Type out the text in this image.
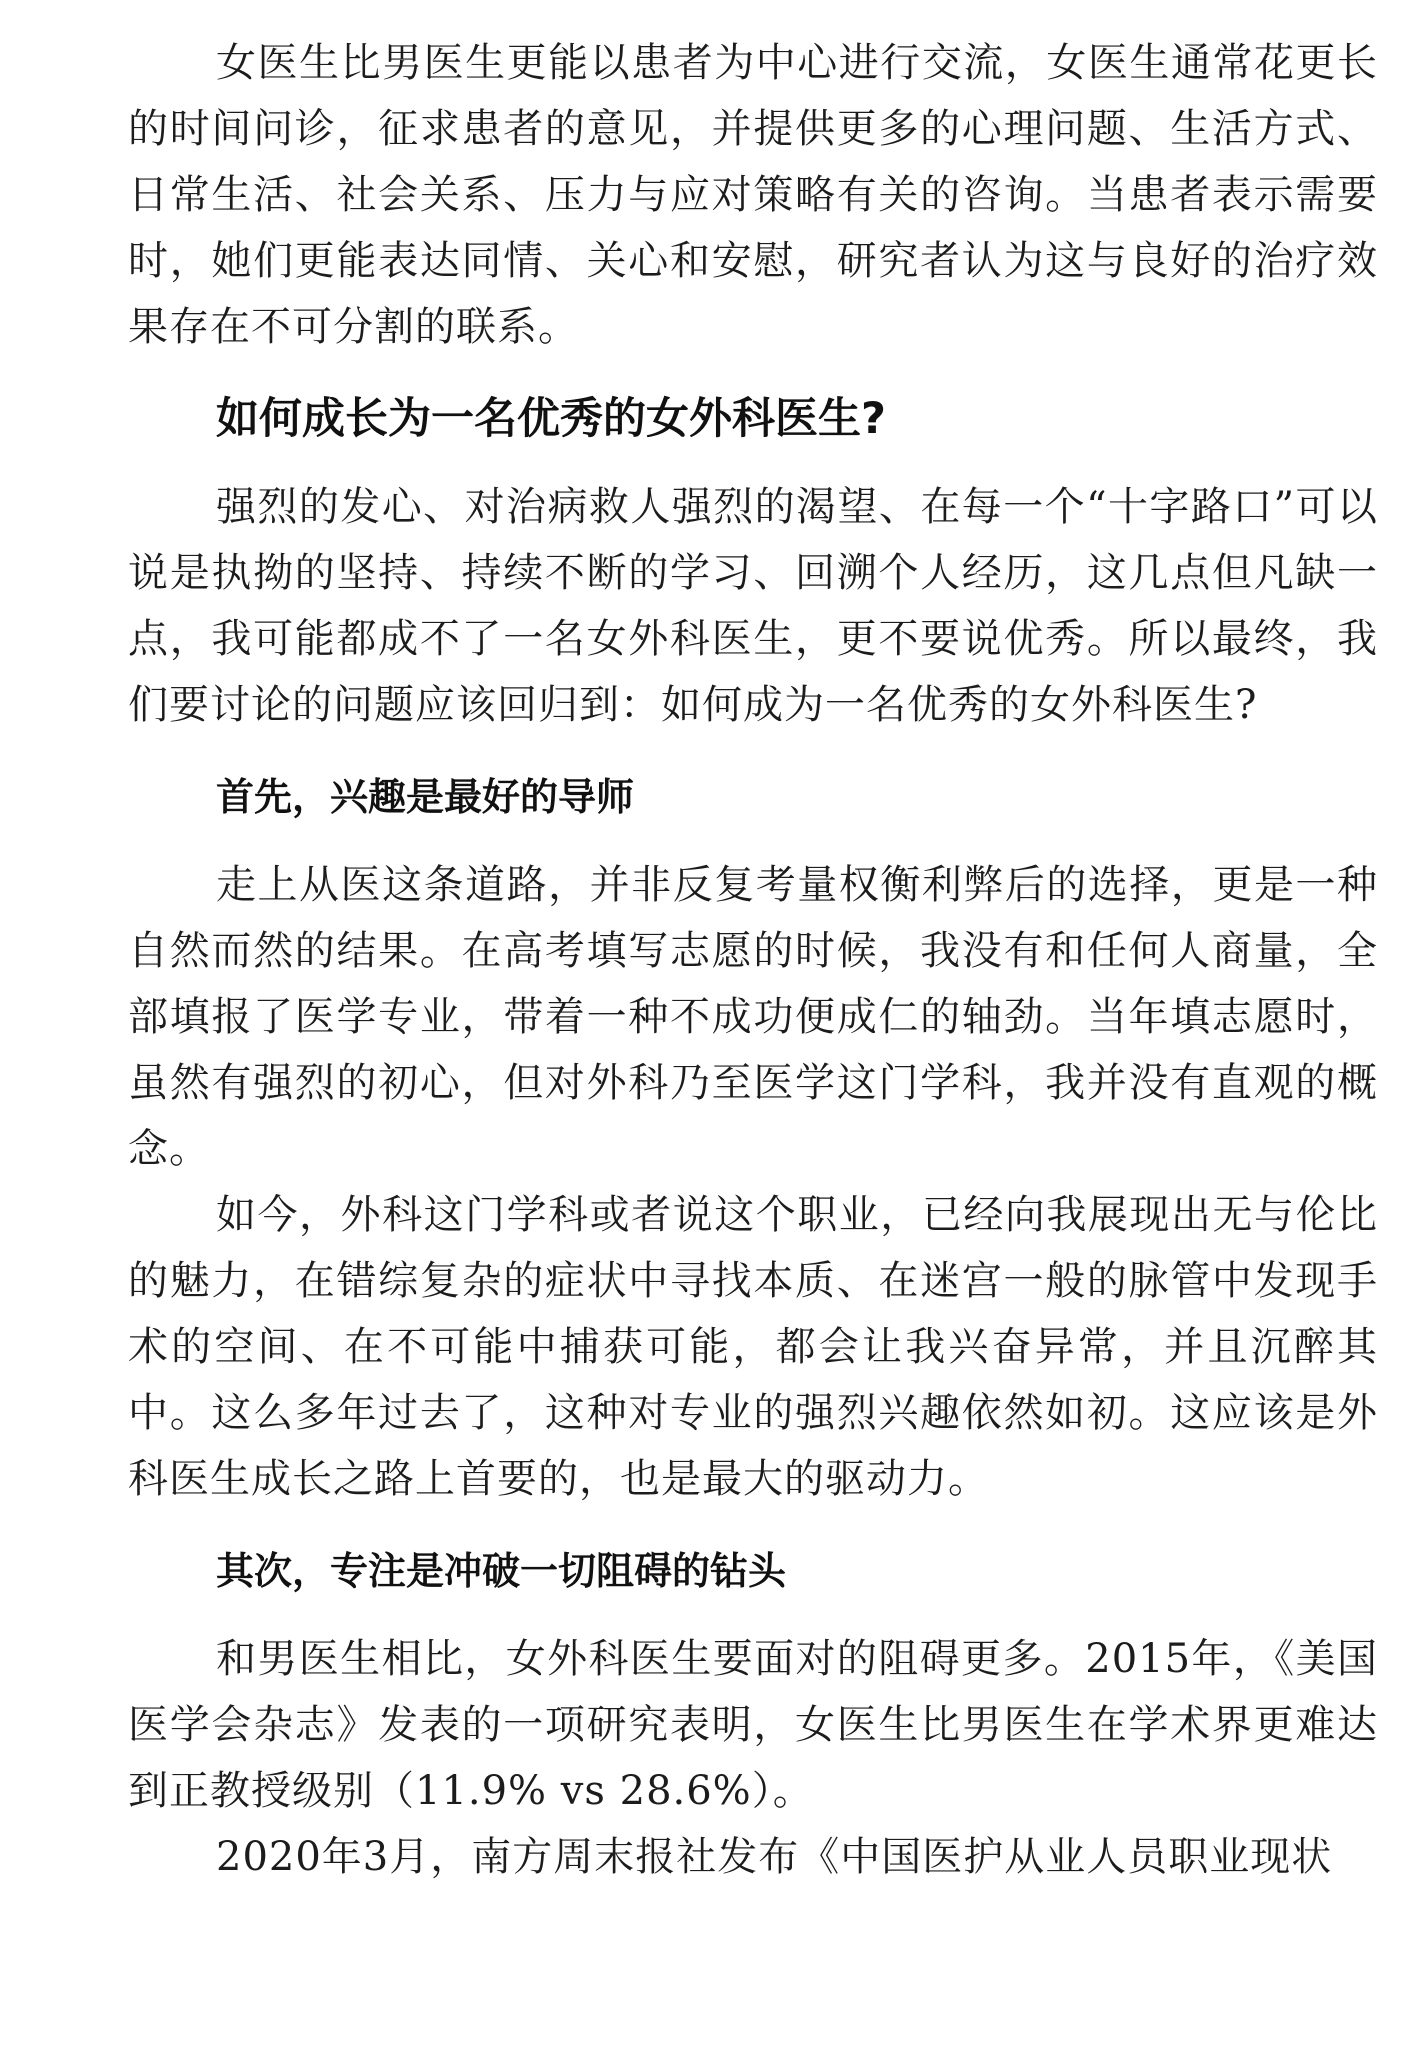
女医生比男医生更能以患者为中心进行交流，女医生通常花更长的时间问诊，征求患者的意见，并提供更多的心理问题、生活方式、日常生活、社会关系、压力与应对策略有关的咨询。当患者表示需要时，她们更能表达同情、关心和安慰，研究者认为这与良好的治疗效果存在不可分割的联系。

如何成长为一名优秀的女外科医生?

强烈的发心、对治病救人强烈的渴望、在每一个“十字路口”可以说是执拗的坚持、持续不断的学习、回溯个人经历，这几点但凡缺一点，我可能都成不了一名女外科医生，更不要说优秀。所以最终，我们要讨论的问题应该回归到：如何成为一名优秀的女外科医生?

首先，兴趣是最好的导师

走上从医这条道路，并非反复考量权衡利弊后的选择，更是一种自然而然的结果。在高考填写志愿的时候，我没有和任何人商量，全部填报了医学专业，带着一种不成功便成仁的轴劲。当年填志愿时，虽然有强烈的初心，但对外科乃至医学这门学科，我并没有直观的概念。

如今，外科这门学科或者说这个职业，已经向我展现出无与伦比的魅力，在错综复杂的症状中寻找本质、在迷宫一般的脉管中发现手术的空间、在不可能中捕获可能，都会让我兴奋异常，并且沉醉其中。这么多年过去了，这种对专业的强烈兴趣依然如初。这应该是外科医生成长之路上首要的，也是最大的驱动力。

其次，专注是冲破一切阻碍的钻头

和男医生相比，女外科医生要面对的阻碍更多。2015年，《美国医学会杂志》发表的一项研究表明，女医生比男医生在学术界更难达到正教授级别（11.9% vs 28.6%）。

2020年3月，南方周末报社发布《中国医护从业人员职业现状
